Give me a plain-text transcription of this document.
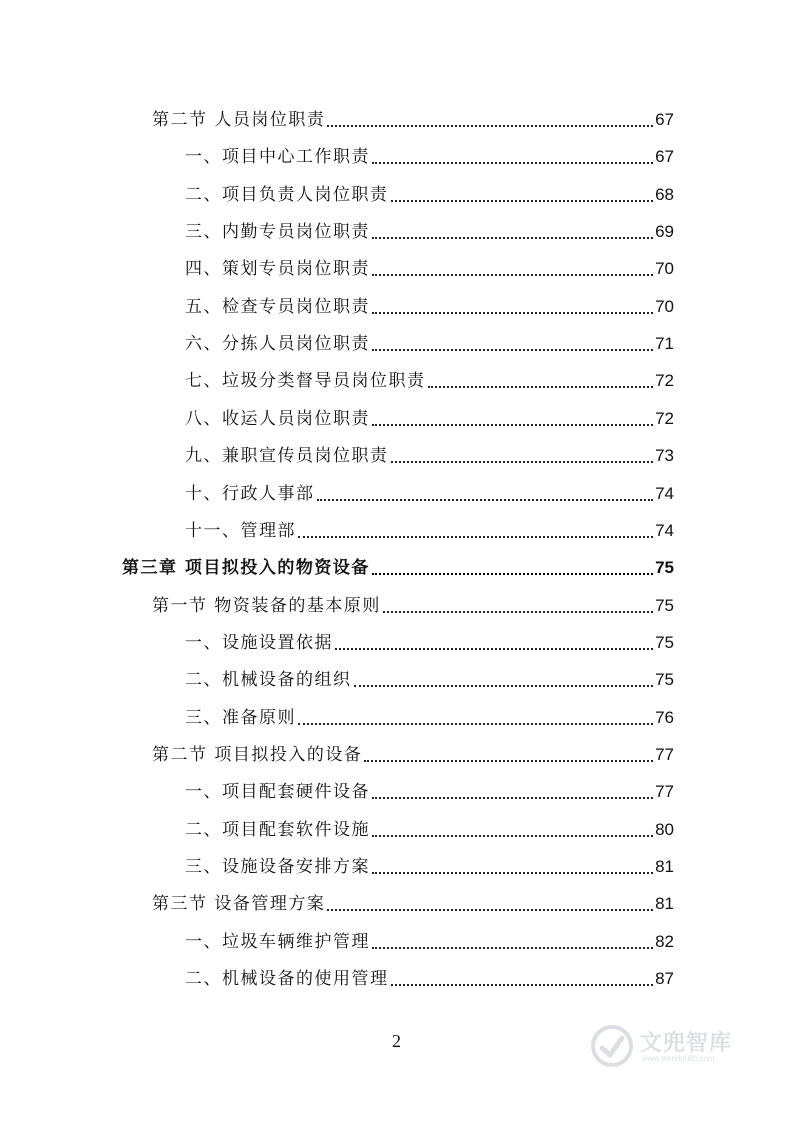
第二节 人员岗位职责	67
一、项目中心工作职责	67
二、项目负责人岗位职责	68
三、内勤专员岗位职责	69
四、策划专员岗位职责	70
五、检查专员岗位职责	70
六、分拣人员岗位职责	71
七、垃圾分类督导员岗位职责	72
八、收运人员岗位职责	72
九、兼职宣传员岗位职责	73
十、行政人事部	74
十一、管理部	74
第三章 项目拟投入的物资设备	75
第一节 物资装备的基本原则	75
一、设施设置依据	75
二、机械设备的组织	75
三、准备原则	76
第二节 项目拟投入的设备	77
一、项目配套硬件设备	77
二、项目配套软件设施	80
三、设施设备安排方案	81
第三节 设备管理方案	81
一、垃圾车辆维护管理	82
二、机械设备的使用管理	87
2	文兜智库
www.wendoulib.com
